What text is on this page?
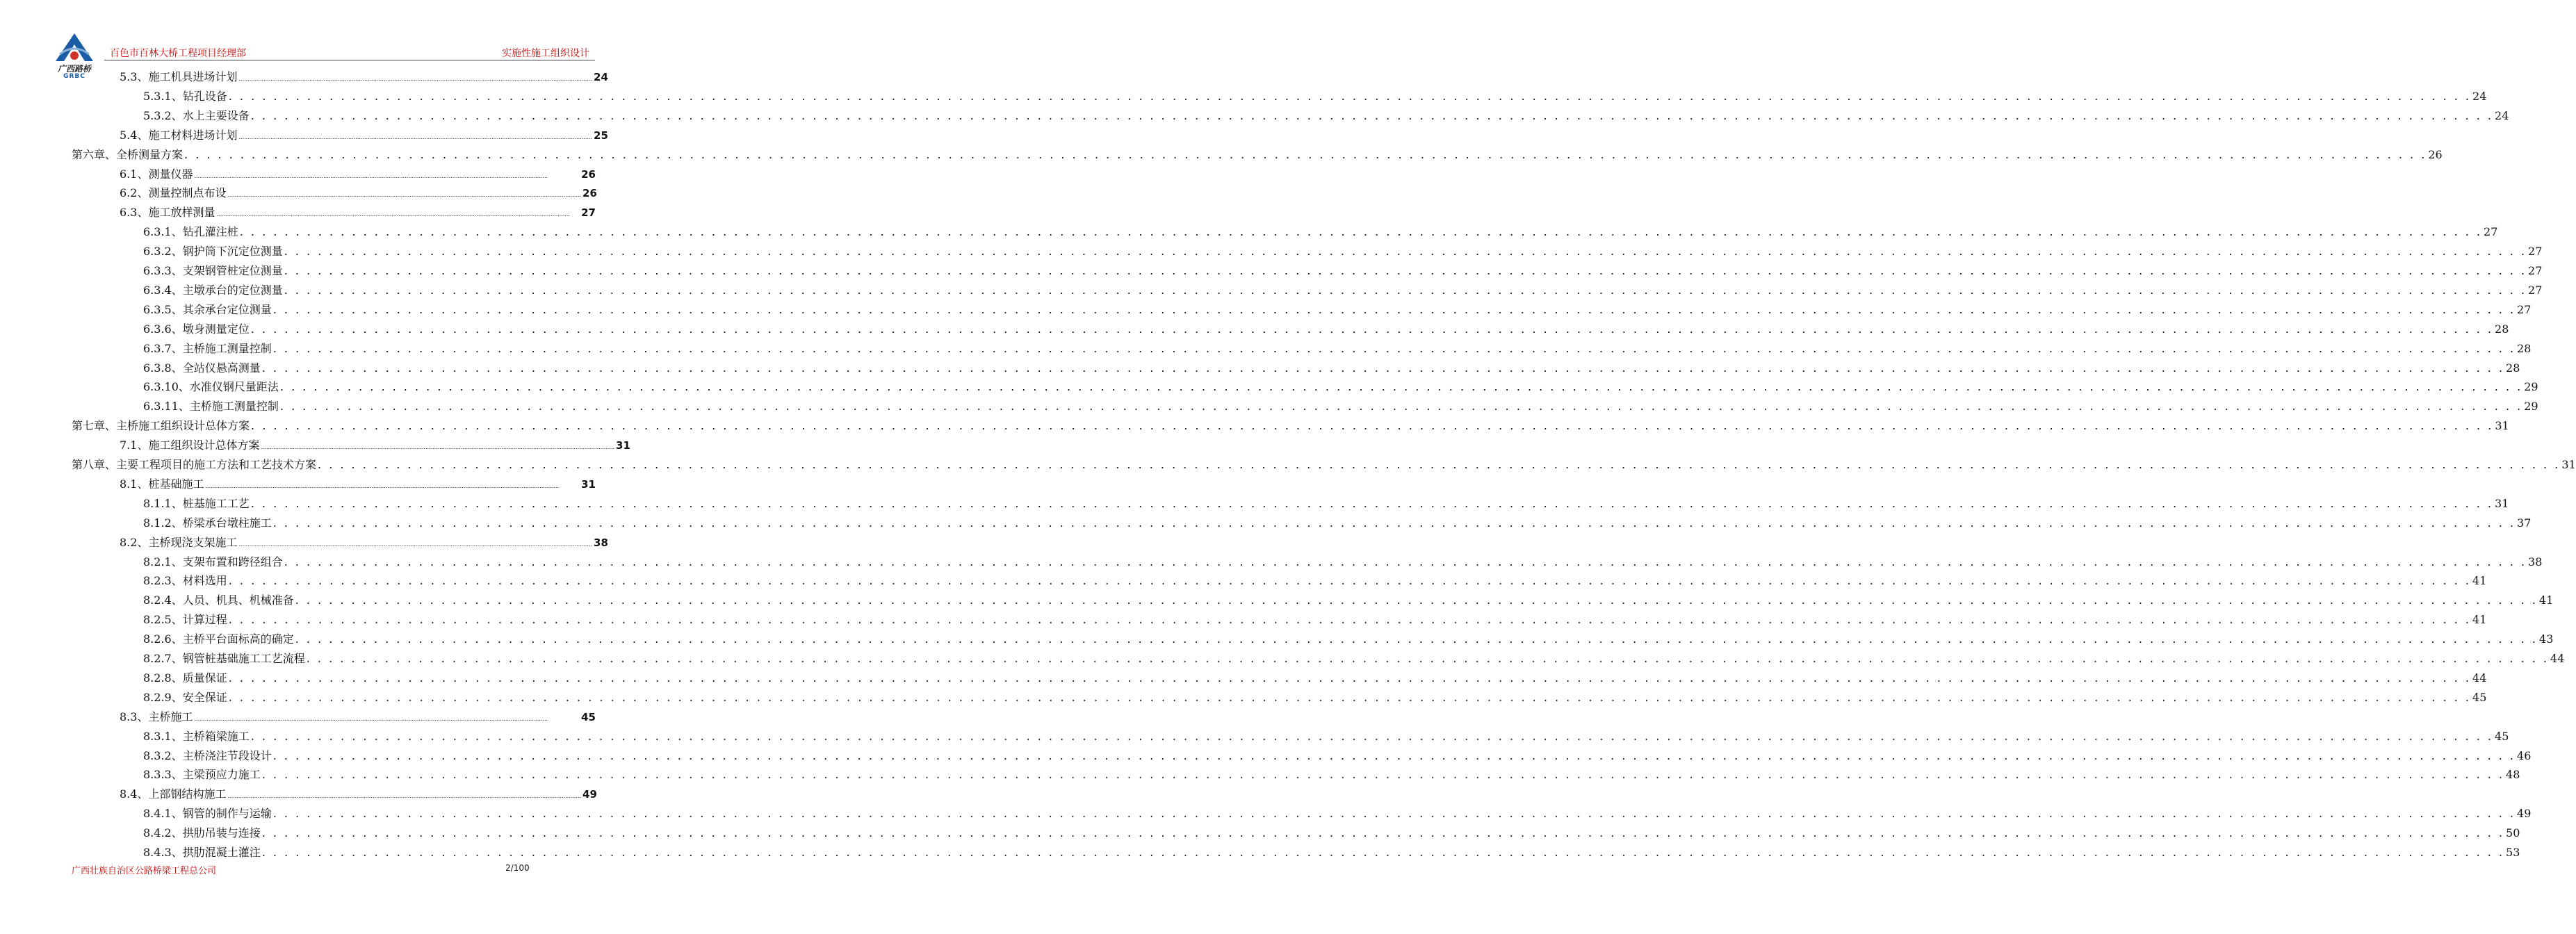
广西路桥
GRBC
百色市百林大桥工程项目经理部	实施性施工组织设计
5.3、施工机具进场计划 ........................................................................................................................................................................................................ 24
5.3.1、钻孔设备 . . . . . . . . . . . . . . . . . . . . . . . . . . . . . . . . . . . . . . . . . . . . . . . . . . . . . . . . . . . . . . . . . . . . . . . . . . . . . . . . . . . . . . . . . . . . . . . . . . . . . . . . . . . . . . . . . . . . . . . . . . . . . . . . . . . . . . . . . . . . . . . . . . . . . . . . . . . . . . . . . . . . . . . . . . . . . . . . . . . . . . . . . . . . . . . . . . . . . . . . 24
5.3.2、水上主要设备 . . . . . . . . . . . . . . . . . . . . . . . . . . . . . . . . . . . . . . . . . . . . . . . . . . . . . . . . . . . . . . . . . . . . . . . . . . . . . . . . . . . . . . . . . . . . . . . . . . . . . . . . . . . . . . . . . . . . . . . . . . . . . . . . . . . . . . . . . . . . . . . . . . . . . . . . . . . . . . . . . . . . . . . . . . . . . . . . . . . . . . . . . . . . . . . . . . . . . . . . 24
5.4、施工材料进场计划 ........................................................................................................................................................................................................ 25
第六章、全桥测量方案 . . . . . . . . . . . . . . . . . . . . . . . . . . . . . . . . . . . . . . . . . . . . . . . . . . . . . . . . . . . . . . . . . . . . . . . . . . . . . . . . . . . . . . . . . . . . . . . . . . . . . . . . . . . . . . . . . . . . . . . . . . . . . . . . . . . . . . . . . . . . . . . . . . . . . . . . . . . . . . . . . . . . . . . . . . . . . . . . . . . . . . . . . . . . . . . . . . . . . . . . 26
6.1、测量仪器 ........................................................................................................................................................................................................	26
6.2、测量控制点布设 ........................................................................................................................................................................................................ 26
6.3、施工放样测量 ........................................................................................................................................................................................................	27
6.3.1、钻孔灌注桩 . . . . . . . . . . . . . . . . . . . . . . . . . . . . . . . . . . . . . . . . . . . . . . . . . . . . . . . . . . . . . . . . . . . . . . . . . . . . . . . . . . . . . . . . . . . . . . . . . . . . . . . . . . . . . . . . . . . . . . . . . . . . . . . . . . . . . . . . . . . . . . . . . . . . . . . . . . . . . . . . . . . . . . . . . . . . . . . . . . . . . . . . . . . . . . . . . . . . . . . . 27
6.3.2、钢护筒下沉定位测量 . . . . . . . . . . . . . . . . . . . . . . . . . . . . . . . . . . . . . . . . . . . . . . . . . . . . . . . . . . . . . . . . . . . . . . . . . . . . . . . . . . . . . . . . . . . . . . . . . . . . . . . . . . . . . . . . . . . . . . . . . . . . . . . . . . . . . . . . . . . . . . . . . . . . . . . . . . . . . . . . . . . . . . . . . . . . . . . . . . . . . . . . . . . . . . . . . . . . . . . . 27
6.3.3、支架钢管桩定位测量 . . . . . . . . . . . . . . . . . . . . . . . . . . . . . . . . . . . . . . . . . . . . . . . . . . . . . . . . . . . . . . . . . . . . . . . . . . . . . . . . . . . . . . . . . . . . . . . . . . . . . . . . . . . . . . . . . . . . . . . . . . . . . . . . . . . . . . . . . . . . . . . . . . . . . . . . . . . . . . . . . . . . . . . . . . . . . . . . . . . . . . . . . . . . . . . . . . . . . . . . 27
6.3.4、主墩承台的定位测量 . . . . . . . . . . . . . . . . . . . . . . . . . . . . . . . . . . . . . . . . . . . . . . . . . . . . . . . . . . . . . . . . . . . . . . . . . . . . . . . . . . . . . . . . . . . . . . . . . . . . . . . . . . . . . . . . . . . . . . . . . . . . . . . . . . . . . . . . . . . . . . . . . . . . . . . . . . . . . . . . . . . . . . . . . . . . . . . . . . . . . . . . . . . . . . . . . . . . . . . . 27
6.3.5、其余承台定位测量 . . . . . . . . . . . . . . . . . . . . . . . . . . . . . . . . . . . . . . . . . . . . . . . . . . . . . . . . . . . . . . . . . . . . . . . . . . . . . . . . . . . . . . . . . . . . . . . . . . . . . . . . . . . . . . . . . . . . . . . . . . . . . . . . . . . . . . . . . . . . . . . . . . . . . . . . . . . . . . . . . . . . . . . . . . . . . . . . . . . . . . . . . . . . . . . . . . . . . . . . 27
6.3.6、墩身测量定位 . . . . . . . . . . . . . . . . . . . . . . . . . . . . . . . . . . . . . . . . . . . . . . . . . . . . . . . . . . . . . . . . . . . . . . . . . . . . . . . . . . . . . . . . . . . . . . . . . . . . . . . . . . . . . . . . . . . . . . . . . . . . . . . . . . . . . . . . . . . . . . . . . . . . . . . . . . . . . . . . . . . . . . . . . . . . . . . . . . . . . . . . . . . . . . . . . . . . . . . . 28
6.3.7、主桥施工测量控制 . . . . . . . . . . . . . . . . . . . . . . . . . . . . . . . . . . . . . . . . . . . . . . . . . . . . . . . . . . . . . . . . . . . . . . . . . . . . . . . . . . . . . . . . . . . . . . . . . . . . . . . . . . . . . . . . . . . . . . . . . . . . . . . . . . . . . . . . . . . . . . . . . . . . . . . . . . . . . . . . . . . . . . . . . . . . . . . . . . . . . . . . . . . . . . . . . . . . . . . . 28
6.3.8、全站仪悬高测量 . . . . . . . . . . . . . . . . . . . . . . . . . . . . . . . . . . . . . . . . . . . . . . . . . . . . . . . . . . . . . . . . . . . . . . . . . . . . . . . . . . . . . . . . . . . . . . . . . . . . . . . . . . . . . . . . . . . . . . . . . . . . . . . . . . . . . . . . . . . . . . . . . . . . . . . . . . . . . . . . . . . . . . . . . . . . . . . . . . . . . . . . . . . . . . . . . . . . . . . . 28
6.3.10、水准仪钢尺量距法 . . . . . . . . . . . . . . . . . . . . . . . . . . . . . . . . . . . . . . . . . . . . . . . . . . . . . . . . . . . . . . . . . . . . . . . . . . . . . . . . . . . . . . . . . . . . . . . . . . . . . . . . . . . . . . . . . . . . . . . . . . . . . . . . . . . . . . . . . . . . . . . . . . . . . . . . . . . . . . . . . . . . . . . . . . . . . . . . . . . . . . . . . . . . . . . . . . . . . . . . 29
6.3.11、主桥施工测量控制 . . . . . . . . . . . . . . . . . . . . . . . . . . . . . . . . . . . . . . . . . . . . . . . . . . . . . . . . . . . . . . . . . . . . . . . . . . . . . . . . . . . . . . . . . . . . . . . . . . . . . . . . . . . . . . . . . . . . . . . . . . . . . . . . . . . . . . . . . . . . . . . . . . . . . . . . . . . . . . . . . . . . . . . . . . . . . . . . . . . . . . . . . . . . . . . . . . . . . . . . 29
第七章、主桥施工组织设计总体方案 . . . . . . . . . . . . . . . . . . . . . . . . . . . . . . . . . . . . . . . . . . . . . . . . . . . . . . . . . . . . . . . . . . . . . . . . . . . . . . . . . . . . . . . . . . . . . . . . . . . . . . . . . . . . . . . . . . . . . . . . . . . . . . . . . . . . . . . . . . . . . . . . . . . . . . . . . . . . . . . . . . . . . . . . . . . . . . . . . . . . . . . . . . . . . . . . . . . . . . . . 31
7.1、施工组织设计总体方案 ........................................................................................................................................................................................................ 31
第八章、主要工程项目的施工方法和工艺技术方案 . . . . . . . . . . . . . . . . . . . . . . . . . . . . . . . . . . . . . . . . . . . . . . . . . . . . . . . . . . . . . . . . . . . . . . . . . . . . . . . . . . . . . . . . . . . . . . . . . . . . . . . . . . . . . . . . . . . . . . . . . . . . . . . . . . . . . . . . . . . . . . . . . . . . . . . . . . . . . . . . . . . . . . . . . . . . . . . . . . . . . . . . . . . . . . . . . . . . . . . . 31
8.1、桩基础施工 ........................................................................................................................................................................................................	31
8.1.1、桩基施工工艺 . . . . . . . . . . . . . . . . . . . . . . . . . . . . . . . . . . . . . . . . . . . . . . . . . . . . . . . . . . . . . . . . . . . . . . . . . . . . . . . . . . . . . . . . . . . . . . . . . . . . . . . . . . . . . . . . . . . . . . . . . . . . . . . . . . . . . . . . . . . . . . . . . . . . . . . . . . . . . . . . . . . . . . . . . . . . . . . . . . . . . . . . . . . . . . . . . . . . . . . . 31
8.1.2、桥梁承台墩柱施工 . . . . . . . . . . . . . . . . . . . . . . . . . . . . . . . . . . . . . . . . . . . . . . . . . . . . . . . . . . . . . . . . . . . . . . . . . . . . . . . . . . . . . . . . . . . . . . . . . . . . . . . . . . . . . . . . . . . . . . . . . . . . . . . . . . . . . . . . . . . . . . . . . . . . . . . . . . . . . . . . . . . . . . . . . . . . . . . . . . . . . . . . . . . . . . . . . . . . . . . . 37
8.2、主桥现浇支架施工 ........................................................................................................................................................................................................ 38
8.2.1、支架布置和跨径组合 . . . . . . . . . . . . . . . . . . . . . . . . . . . . . . . . . . . . . . . . . . . . . . . . . . . . . . . . . . . . . . . . . . . . . . . . . . . . . . . . . . . . . . . . . . . . . . . . . . . . . . . . . . . . . . . . . . . . . . . . . . . . . . . . . . . . . . . . . . . . . . . . . . . . . . . . . . . . . . . . . . . . . . . . . . . . . . . . . . . . . . . . . . . . . . . . . . . . . . . . 38
8.2.3、材料选用 . . . . . . . . . . . . . . . . . . . . . . . . . . . . . . . . . . . . . . . . . . . . . . . . . . . . . . . . . . . . . . . . . . . . . . . . . . . . . . . . . . . . . . . . . . . . . . . . . . . . . . . . . . . . . . . . . . . . . . . . . . . . . . . . . . . . . . . . . . . . . . . . . . . . . . . . . . . . . . . . . . . . . . . . . . . . . . . . . . . . . . . . . . . . . . . . . . . . . . . . 41
8.2.4、人员、机具、机械准备 . . . . . . . . . . . . . . . . . . . . . . . . . . . . . . . . . . . . . . . . . . . . . . . . . . . . . . . . . . . . . . . . . . . . . . . . . . . . . . . . . . . . . . . . . . . . . . . . . . . . . . . . . . . . . . . . . . . . . . . . . . . . . . . . . . . . . . . . . . . . . . . . . . . . . . . . . . . . . . . . . . . . . . . . . . . . . . . . . . . . . . . . . . . . . . . . . . . . . . . . 41
8.2.5、计算过程 . . . . . . . . . . . . . . . . . . . . . . . . . . . . . . . . . . . . . . . . . . . . . . . . . . . . . . . . . . . . . . . . . . . . . . . . . . . . . . . . . . . . . . . . . . . . . . . . . . . . . . . . . . . . . . . . . . . . . . . . . . . . . . . . . . . . . . . . . . . . . . . . . . . . . . . . . . . . . . . . . . . . . . . . . . . . . . . . . . . . . . . . . . . . . . . . . . . . . . . . 41
8.2.6、主桥平台面标高的确定 . . . . . . . . . . . . . . . . . . . . . . . . . . . . . . . . . . . . . . . . . . . . . . . . . . . . . . . . . . . . . . . . . . . . . . . . . . . . . . . . . . . . . . . . . . . . . . . . . . . . . . . . . . . . . . . . . . . . . . . . . . . . . . . . . . . . . . . . . . . . . . . . . . . . . . . . . . . . . . . . . . . . . . . . . . . . . . . . . . . . . . . . . . . . . . . . . . . . . . . . 43
8.2.7、钢管桩基础施工工艺流程 . . . . . . . . . . . . . . . . . . . . . . . . . . . . . . . . . . . . . . . . . . . . . . . . . . . . . . . . . . . . . . . . . . . . . . . . . . . . . . . . . . . . . . . . . . . . . . . . . . . . . . . . . . . . . . . . . . . . . . . . . . . . . . . . . . . . . . . . . . . . . . . . . . . . . . . . . . . . . . . . . . . . . . . . . . . . . . . . . . . . . . . . . . . . . . . . . . . . . . . . 44
8.2.8、质量保证 . . . . . . . . . . . . . . . . . . . . . . . . . . . . . . . . . . . . . . . . . . . . . . . . . . . . . . . . . . . . . . . . . . . . . . . . . . . . . . . . . . . . . . . . . . . . . . . . . . . . . . . . . . . . . . . . . . . . . . . . . . . . . . . . . . . . . . . . . . . . . . . . . . . . . . . . . . . . . . . . . . . . . . . . . . . . . . . . . . . . . . . . . . . . . . . . . . . . . . . . 44
8.2.9、安全保证 . . . . . . . . . . . . . . . . . . . . . . . . . . . . . . . . . . . . . . . . . . . . . . . . . . . . . . . . . . . . . . . . . . . . . . . . . . . . . . . . . . . . . . . . . . . . . . . . . . . . . . . . . . . . . . . . . . . . . . . . . . . . . . . . . . . . . . . . . . . . . . . . . . . . . . . . . . . . . . . . . . . . . . . . . . . . . . . . . . . . . . . . . . . . . . . . . . . . . . . . 45
8.3、主桥施工 ........................................................................................................................................................................................................	45
8.3.1、主桥箱梁施工 . . . . . . . . . . . . . . . . . . . . . . . . . . . . . . . . . . . . . . . . . . . . . . . . . . . . . . . . . . . . . . . . . . . . . . . . . . . . . . . . . . . . . . . . . . . . . . . . . . . . . . . . . . . . . . . . . . . . . . . . . . . . . . . . . . . . . . . . . . . . . . . . . . . . . . . . . . . . . . . . . . . . . . . . . . . . . . . . . . . . . . . . . . . . . . . . . . . . . . . . 45
8.3.2、主桥浇注节段设计 . . . . . . . . . . . . . . . . . . . . . . . . . . . . . . . . . . . . . . . . . . . . . . . . . . . . . . . . . . . . . . . . . . . . . . . . . . . . . . . . . . . . . . . . . . . . . . . . . . . . . . . . . . . . . . . . . . . . . . . . . . . . . . . . . . . . . . . . . . . . . . . . . . . . . . . . . . . . . . . . . . . . . . . . . . . . . . . . . . . . . . . . . . . . . . . . . . . . . . . . 46
8.3.3、主梁预应力施工 . . . . . . . . . . . . . . . . . . . . . . . . . . . . . . . . . . . . . . . . . . . . . . . . . . . . . . . . . . . . . . . . . . . . . . . . . . . . . . . . . . . . . . . . . . . . . . . . . . . . . . . . . . . . . . . . . . . . . . . . . . . . . . . . . . . . . . . . . . . . . . . . . . . . . . . . . . . . . . . . . . . . . . . . . . . . . . . . . . . . . . . . . . . . . . . . . . . . . . . . 48
8.4、上部钢结构施工 ........................................................................................................................................................................................................ 49
8.4.1、钢管的制作与运输 . . . . . . . . . . . . . . . . . . . . . . . . . . . . . . . . . . . . . . . . . . . . . . . . . . . . . . . . . . . . . . . . . . . . . . . . . . . . . . . . . . . . . . . . . . . . . . . . . . . . . . . . . . . . . . . . . . . . . . . . . . . . . . . . . . . . . . . . . . . . . . . . . . . . . . . . . . . . . . . . . . . . . . . . . . . . . . . . . . . . . . . . . . . . . . . . . . . . . . . . 49
8.4.2、拱肋吊装与连接 . . . . . . . . . . . . . . . . . . . . . . . . . . . . . . . . . . . . . . . . . . . . . . . . . . . . . . . . . . . . . . . . . . . . . . . . . . . . . . . . . . . . . . . . . . . . . . . . . . . . . . . . . . . . . . . . . . . . . . . . . . . . . . . . . . . . . . . . . . . . . . . . . . . . . . . . . . . . . . . . . . . . . . . . . . . . . . . . . . . . . . . . . . . . . . . . . . . . . . . . 50
8.4.3、拱肋混凝土灌注 . . . . . . . . . . . . . . . . . . . . . . . . . . . . . . . . . . . . . . . . . . . . . . . . . . . . . . . . . . . . . . . . . . . . . . . . . . . . . . . . . . . . . . . . . . . . . . . . . . . . . . . . . . . . . . . . . . . . . . . . . . . . . . . . . . . . . . . . . . . . . . . . . . . . . . . . . . . . . . . . . . . . . . . . . . . . . . . . . . . . . . . . . . . . . . . . . . . . . . . . 53
广西壮族自治区公路桥梁工程总公司	2/100
